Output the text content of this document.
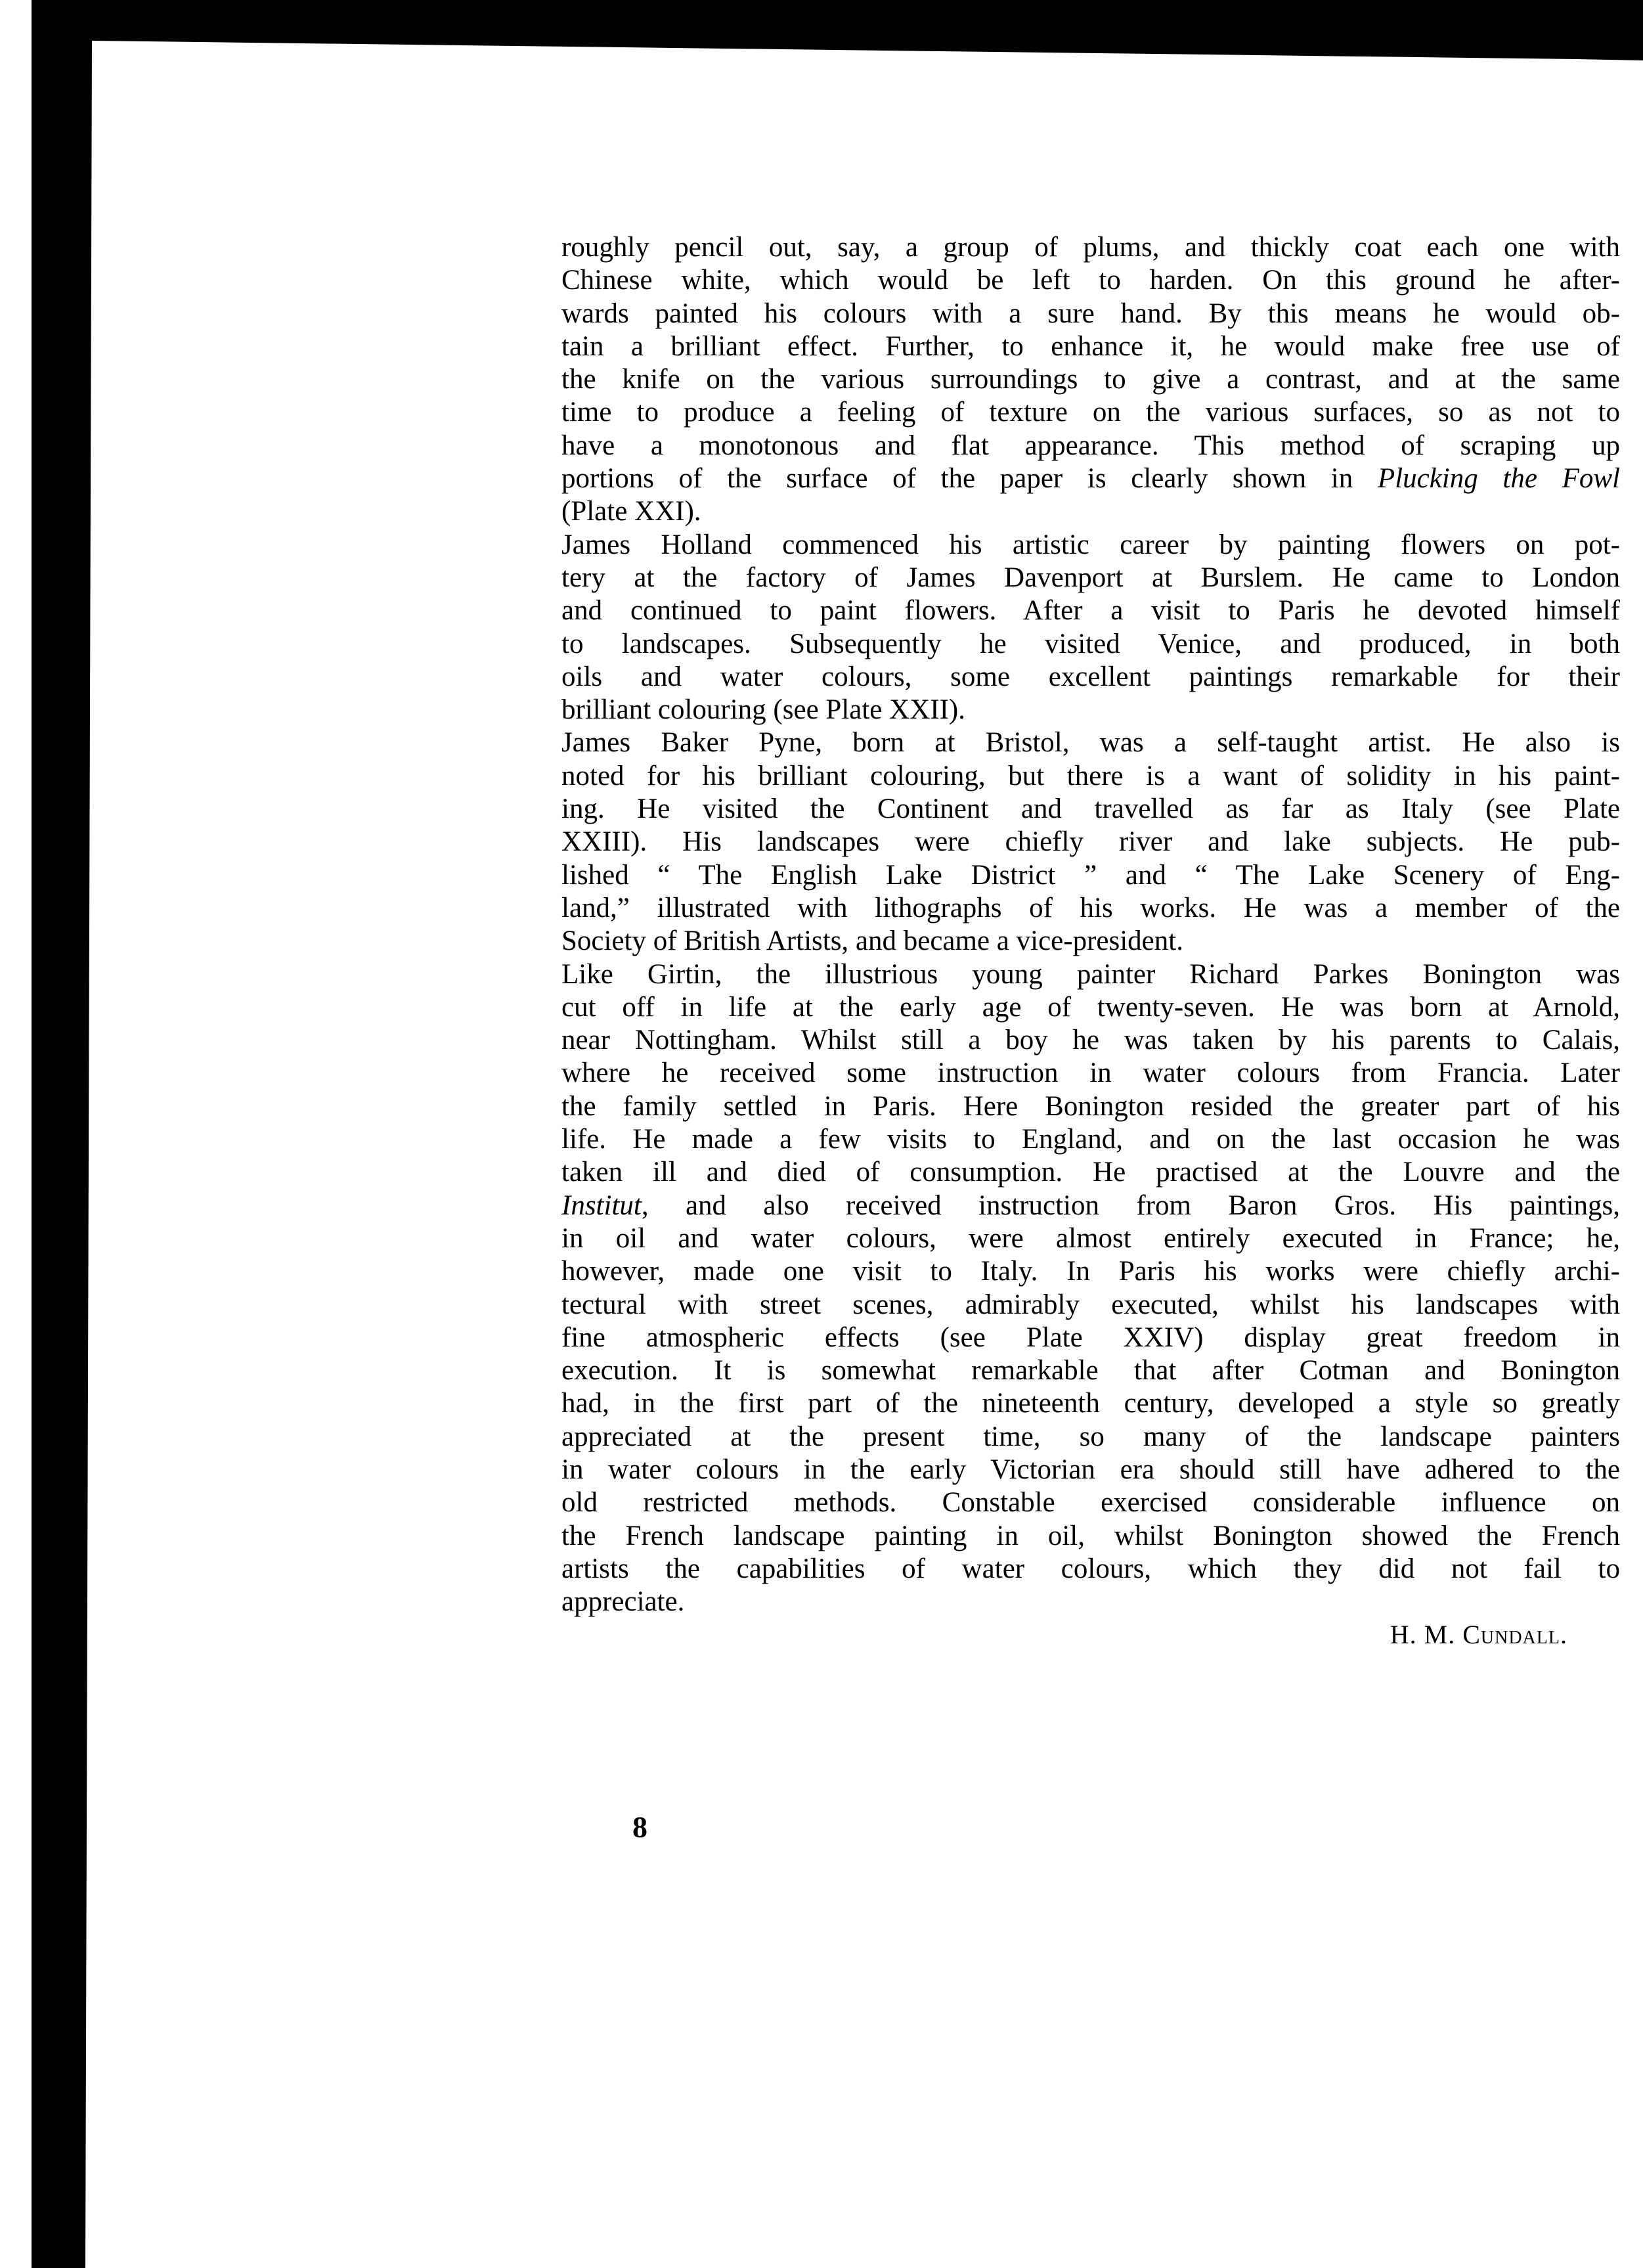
roughly pencil out, say, a group of plums, and thickly coat each one with
Chinese white, which would be left to harden. On this ground he after-
wards painted his colours with a sure hand. By this means he would ob-
tain a brilliant effect. Further, to enhance it, he would make free use of
the knife on the various surroundings to give a contrast, and at the same
time to produce a feeling of texture on the various surfaces, so as not to
have a monotonous and flat appearance. This method of scraping up
portions of the surface of the paper is clearly shown in Plucking the Fowl
(Plate XXI).
James Holland commenced his artistic career by painting flowers on pot-
tery at the factory of James Davenport at Burslem. He came to London
and continued to paint flowers. After a visit to Paris he devoted himself
to landscapes. Subsequently he visited Venice, and produced, in both
oils and water colours, some excellent paintings remarkable for their
brilliant colouring (see Plate XXII).
James Baker Pyne, born at Bristol, was a self-taught artist. He also is
noted for his brilliant colouring, but there is a want of solidity in his paint-
ing. He visited the Continent and travelled as far as Italy (see Plate
XXIII). His landscapes were chiefly river and lake subjects. He pub-
lished “ The English Lake District ” and “ The Lake Scenery of Eng-
land,” illustrated with lithographs of his works. He was a member of the
Society of British Artists, and became a vice-president.
Like Girtin, the illustrious young painter Richard Parkes Bonington was
cut off in life at the early age of twenty-seven. He was born at Arnold,
near Nottingham. Whilst still a boy he was taken by his parents to Calais,
where he received some instruction in water colours from Francia. Later
the family settled in Paris. Here Bonington resided the greater part of his
life. He made a few visits to England, and on the last occasion he was
taken ill and died of consumption. He practised at the Louvre and the
Institut, and also received instruction from Baron Gros. His paintings,
in oil and water colours, were almost entirely executed in France; he,
however, made one visit to Italy. In Paris his works were chiefly archi-
tectural with street scenes, admirably executed, whilst his landscapes with
fine atmospheric effects (see Plate XXIV) display great freedom in
execution. It is somewhat remarkable that after Cotman and Bonington
had, in the first part of the nineteenth century, developed a style so greatly
appreciated at the present time, so many of the landscape painters
in water colours in the early Victorian era should still have adhered to the
old restricted methods. Constable exercised considerable influence on
the French landscape painting in oil, whilst Bonington showed the French
artists the capabilities of water colours, which they did not fail to
appreciate.
H. M. Cundall.
8
